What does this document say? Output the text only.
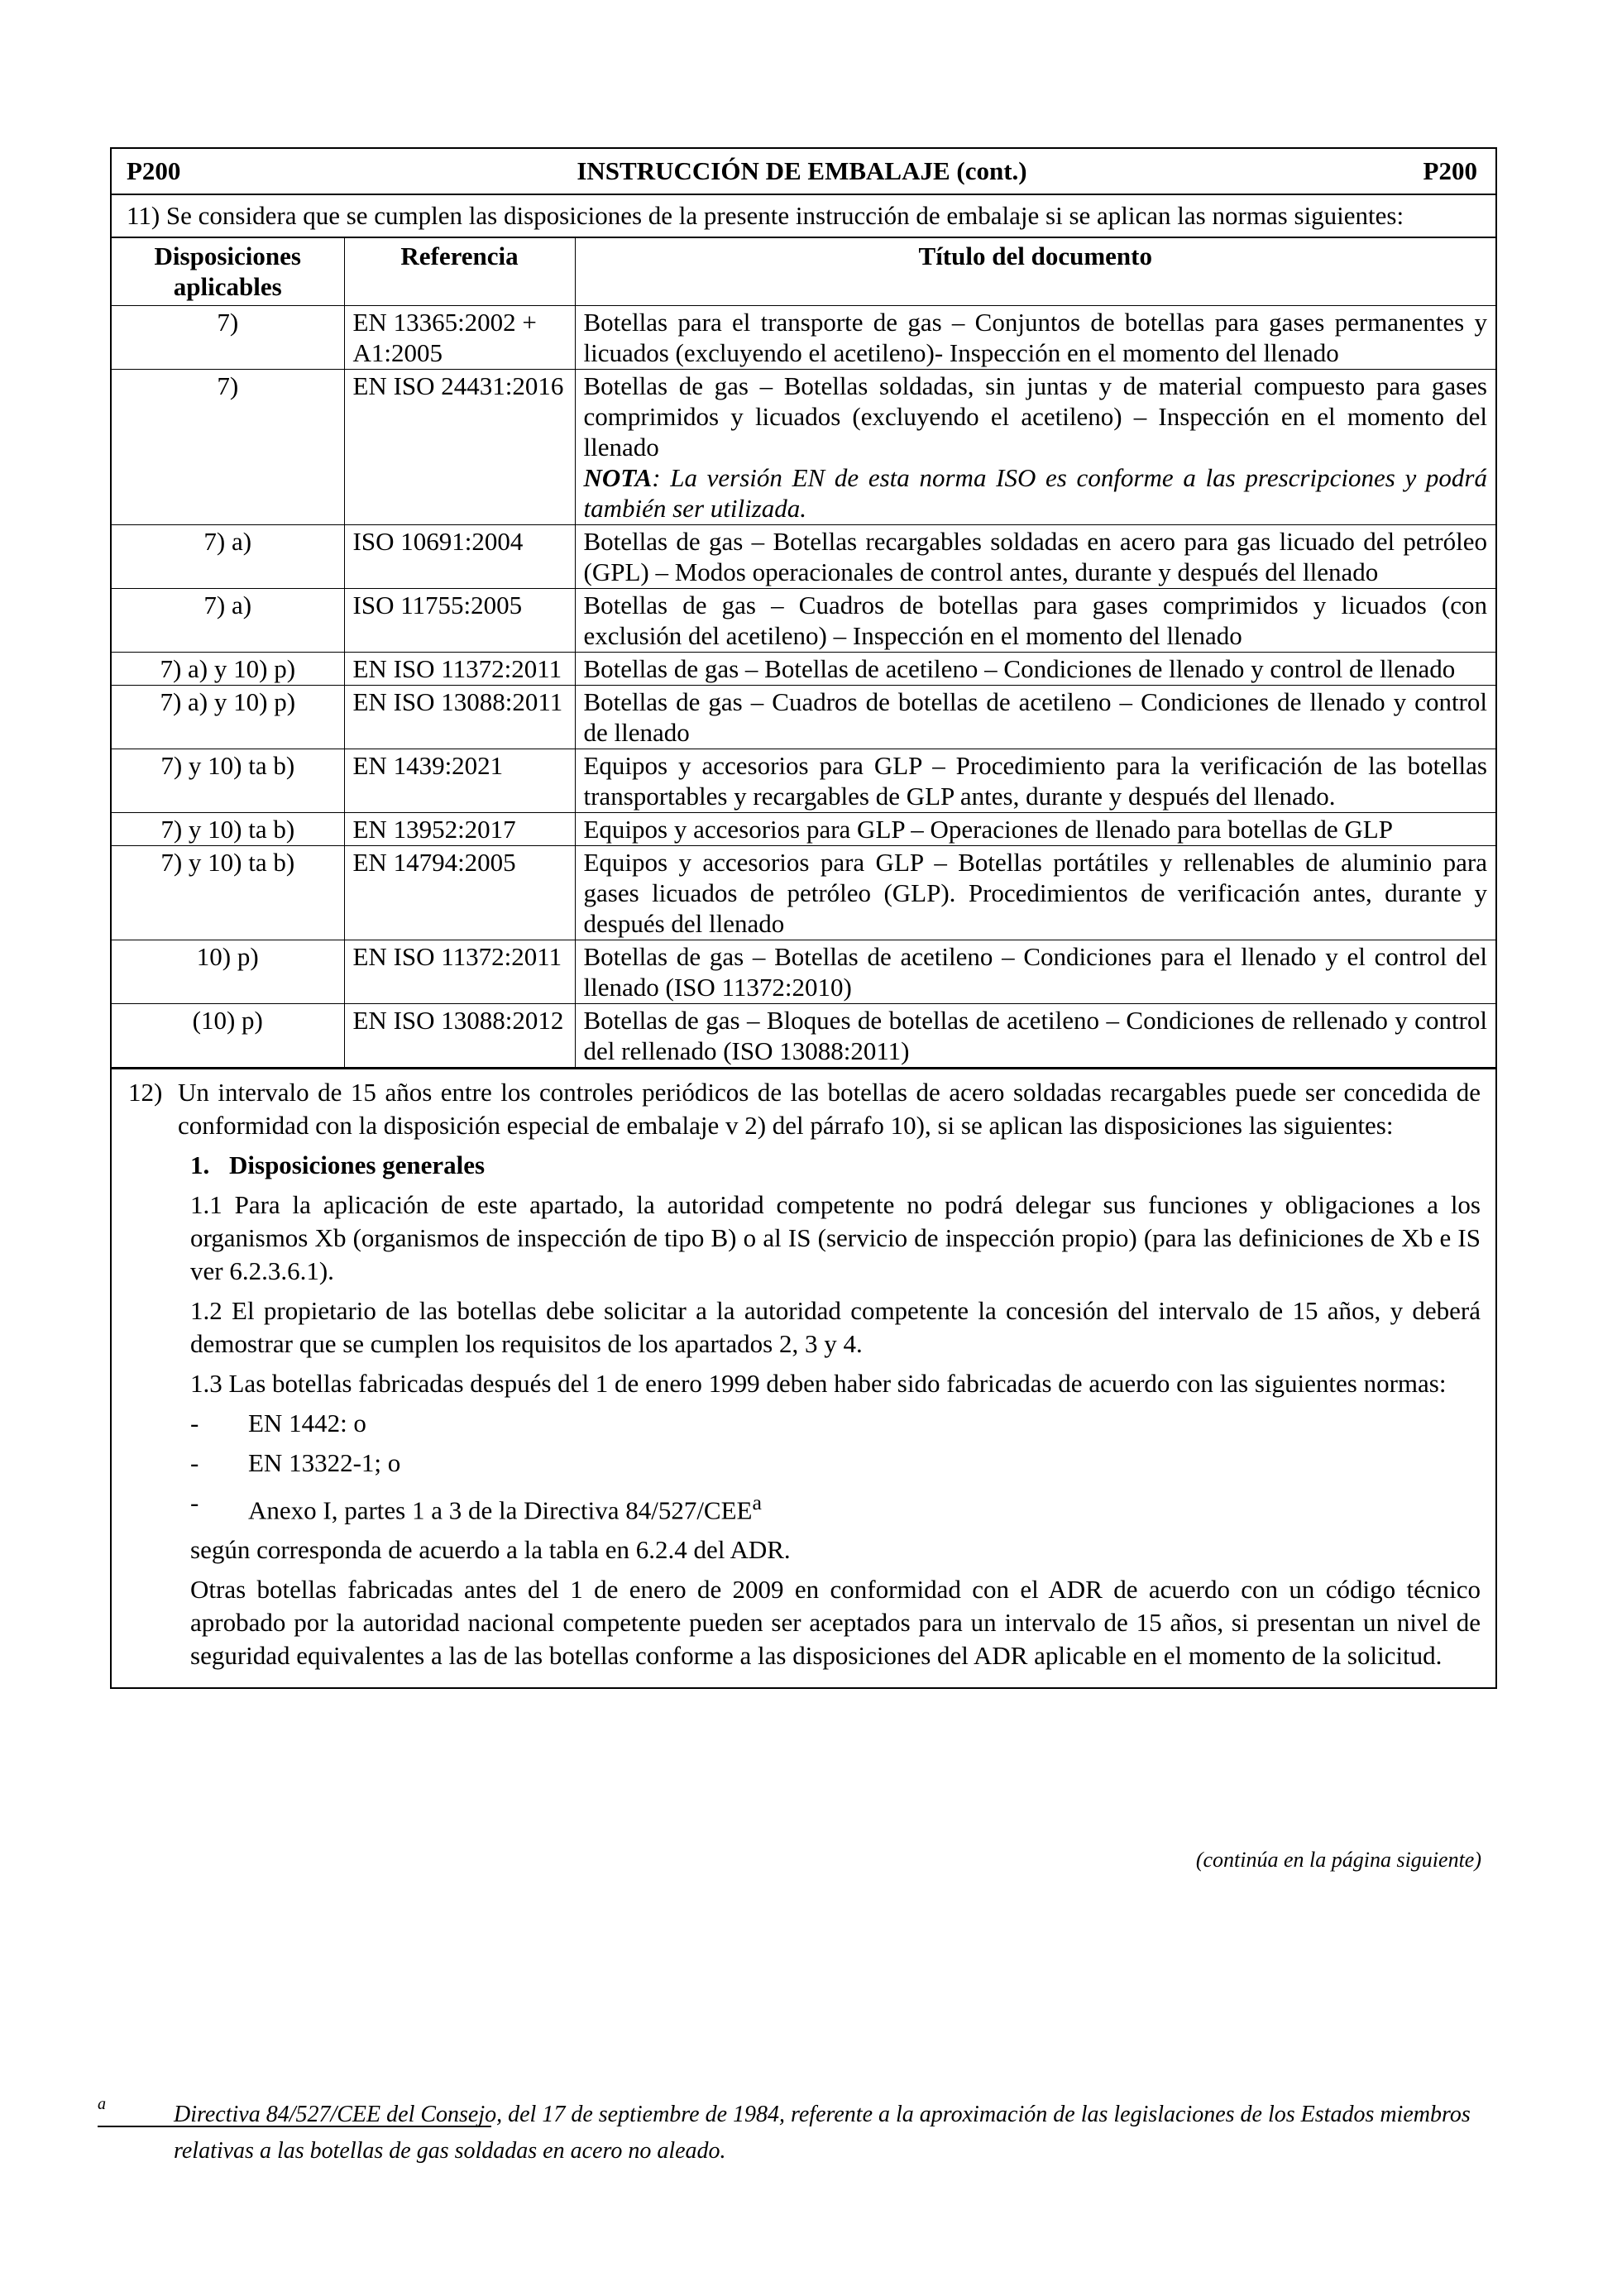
P200	INSTRUCCIÓN DE EMBALAJE (cont.)	P200
11) Se considera que se cumplen las disposiciones de la presente instrucción de embalaje si se aplican las normas siguientes:
Disposiciones aplicables	Referencia	Título del documento
7)	EN 13365:2002 + A1:2005	Botellas para el transporte de gas – Conjuntos de botellas para gases permanentes y licuados (excluyendo el acetileno)- Inspección en el momento del llenado
7)	EN ISO 24431:2016	Botellas de gas – Botellas soldadas, sin juntas y de material compuesto para gases comprimidos y licuados (excluyendo el acetileno) – Inspección en el momento del llenado
NOTA: La versión EN de esta norma ISO es conforme a las prescripciones y podrá también ser utilizada.

7) a)	ISO 10691:2004	Botellas de gas – Botellas recargables soldadas en acero para gas licuado del petróleo (GPL) – Modos operacionales de control antes, durante y después del llenado
7) a)	ISO 11755:2005	Botellas de gas – Cuadros de botellas para gases comprimidos y licuados (con exclusión del acetileno) – Inspección en el momento del llenado
7) a) y 10) p)	EN ISO 11372:2011	Botellas de gas – Botellas de acetileno – Condiciones de llenado y control de llenado
7) a) y 10) p)	EN ISO 13088:2011	Botellas de gas – Cuadros de botellas de acetileno – Condiciones de llenado y control de llenado
7) y 10) ta b)	EN 1439:2021	Equipos y accesorios para GLP – Procedimiento para la verificación de las botellas transportables y recargables de GLP antes, durante y después del llenado.
7) y 10) ta b)	EN 13952:2017	Equipos y accesorios para GLP – Operaciones de llenado para botellas de GLP
7) y 10) ta b)	EN 14794:2005	Equipos y accesorios para GLP – Botellas portátiles y rellenables de aluminio para gases licuados de petróleo (GLP). Procedimientos de verificación antes, durante y después del llenado
10) p)	EN ISO 11372:2011	Botellas de gas – Botellas de acetileno – Condiciones para el llenado y el control del llenado (ISO 11372:2010)
(10) p)	EN ISO 13088:2012	Botellas de gas – Bloques de botellas de acetileno – Condiciones de rellenado y control del rellenado (ISO 13088:2011)
12) Un intervalo de 15 años entre los controles periódicos de las botellas de acero soldadas recargables puede ser concedida de conformidad con la disposición especial de embalaje v 2) del párrafo 10), si se aplican las disposiciones las siguientes:

1. Disposiciones generales

1.1 Para la aplicación de este apartado, la autoridad competente no podrá delegar sus funciones y obligaciones a los organismos Xb (organismos de inspección de tipo B) o al IS (servicio de inspección propio) (para las definiciones de Xb e IS ver 6.2.3.6.1).

1.2 El propietario de las botellas debe solicitar a la autoridad competente la concesión del intervalo de 15 años, y deberá demostrar que se cumplen los requisitos de los apartados 2, 3 y 4.

1.3 Las botellas fabricadas después del 1 de enero 1999 deben haber sido fabricadas de acuerdo con las siguientes normas:

-	EN 1442: o
-	EN 13322-1; o
-	Anexo I, partes 1 a 3 de la Directiva 84/527/CEE$^a$

según corresponda de acuerdo a la tabla en 6.2.4 del ADR.

Otras botellas fabricadas antes del 1 de enero de 2009 en conformidad con el ADR de acuerdo con un código técnico aprobado por la autoridad nacional competente pueden ser aceptados para un intervalo de 15 años, si presentan un nivel de seguridad equivalentes a las de las botellas conforme a las disposiciones del ADR aplicable en el momento de la solicitud.

(continúa en la página siguiente)
a	Directiva 84/527/CEE del Consejo, del 17 de septiembre de 1984, referente a la aproximación de las legislaciones de los Estados miembros relativas a las botellas de gas soldadas en acero no aleado.
